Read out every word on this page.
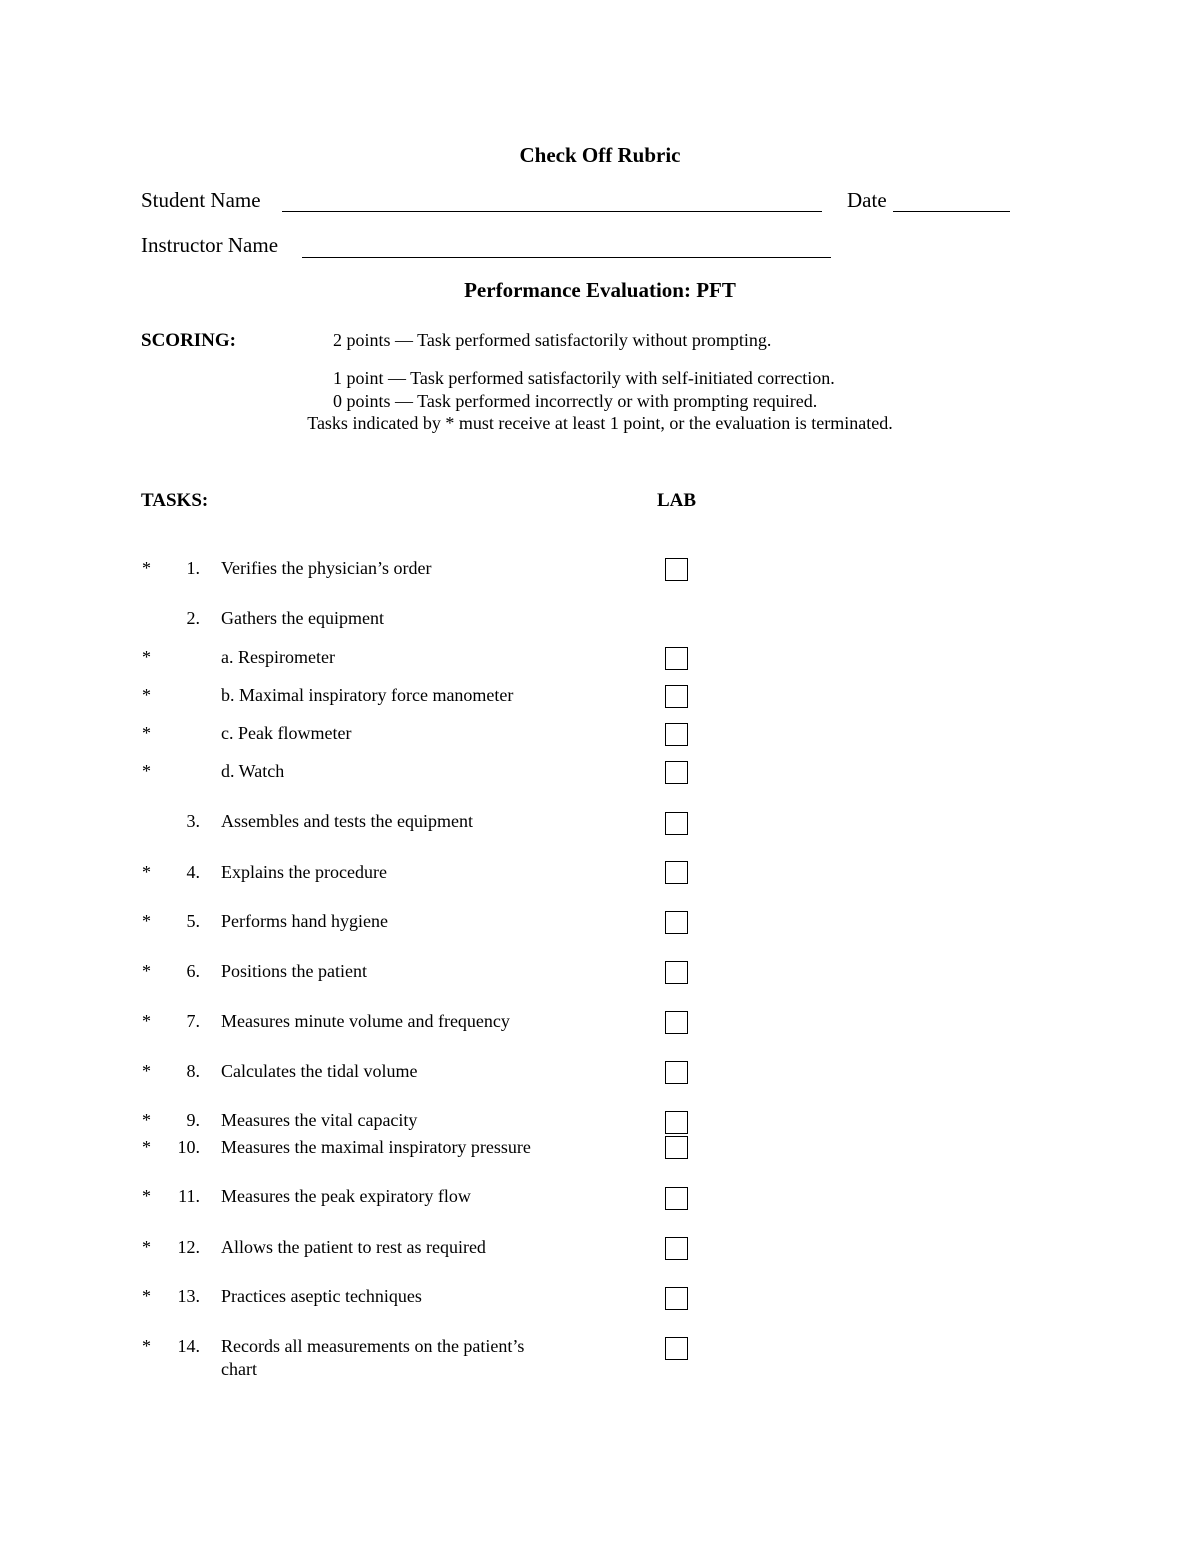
Check Off Rubric
Student Name	Date
Instructor Name
Performance Evaluation: PFT
SCORING:	2 points — Task performed satisfactorily without prompting.
1 point — Task performed satisfactorily with self-initiated correction.
0 points — Task performed incorrectly or with prompting required.
Tasks indicated by * must receive at least 1 point, or the evaluation is terminated.
TASKS:	LAB
*	1. Verifies the physician’s order
2. Gathers the equipment
*	a. Respirometer
*	b. Maximal inspiratory force manometer
*	c. Peak flowmeter
*	d. Watch
3. Assembles and tests the equipment
*	4. Explains the procedure
*	5. Performs hand hygiene
*	6. Positions the patient
*	7. Measures minute volume and frequency
*	8. Calculates the tidal volume
*	9. Measures the vital capacity
*	10. Measures the maximal inspiratory pressure
*	11. Measures the peak expiratory flow
*	12. Allows the patient to rest as required
*	13. Practices aseptic techniques
*	14. Records all measurements on the patient’s
chart
